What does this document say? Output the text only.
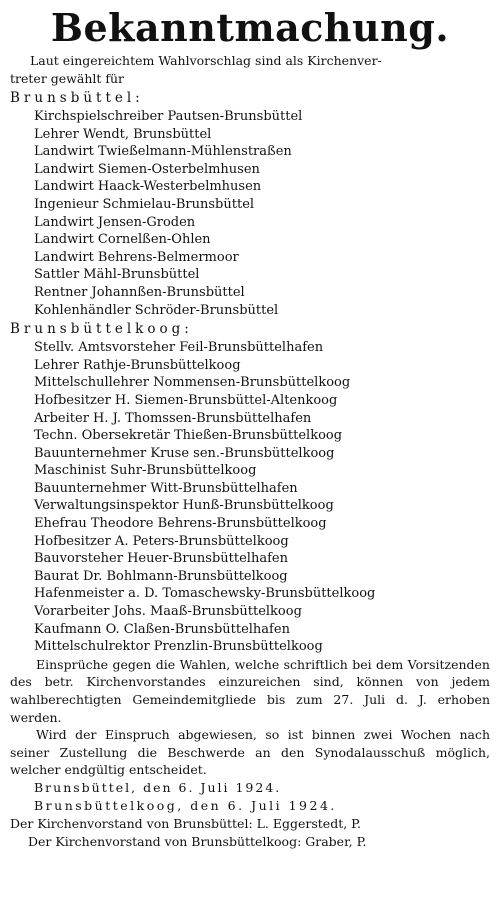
Bekanntmachung.

Laut eingereichtem Wahlvorschlag sind als Kirchenver-

treter gewählt für

Brunsbüttel:
Kirchspielschreiber Pautsen-Brunsbüttel
Lehrer Wendt, Brunsbüttel
Landwirt Twießelmann-Mühlenstraßen
Landwirt Siemen-Osterbelmhusen
Landwirt Haack-Westerbelmhusen
Ingenieur Schmielau-Brunsbüttel
Landwirt Jensen-Groden
Landwirt Cornelßen-Ohlen
Landwirt Behrens-Belmermoor
Sattler Mähl-Brunsbüttel
Rentner Johannßen-Brunsbüttel
Kohlenhändler Schröder-Brunsbüttel
Brunsbüttelkoog:
Stellv. Amtsvorsteher Feil-Brunsbüttelhafen
Lehrer Rathje-Brunsbüttelkoog
Mittelschullehrer Nommensen-Brunsbüttelkoog
Hofbesitzer H. Siemen-Brunsbüttel-Altenkoog
Arbeiter H. J. Thomssen-Brunsbüttelhafen
Techn. Obersekretär Thießen-Brunsbüttelkoog
Bauunternehmer Kruse sen.-Brunsbüttelkoog
Maschinist Suhr-Brunsbüttelkoog
Bauunternehmer Witt-Brunsbüttelhafen
Verwaltungsinspektor Hunß-Brunsbüttelkoog
Ehefrau Theodore Behrens-Brunsbüttelkoog
Hofbesitzer A. Peters-Brunsbüttelkoog
Bauvorsteher Heuer-Brunsbüttelhafen
Baurat Dr. Bohlmann-Brunsbüttelkoog
Hafenmeister a. D. Tomaschewsky-Brunsbüttelkoog
Vorarbeiter Johs. Maaß-Brunsbüttelkoog
Kaufmann O. Claßen-Brunsbüttelhafen
Mittelschulrektor Prenzlin-Brunsbüttelkoog

Einsprüche gegen die Wahlen, welche schriftlich bei dem Vorsitzenden des betr. Kirchenvorstandes einzureichen sind, können von jedem wahlberechtigten Gemeindemitgliede bis zum 27. Juli d. J. erhoben werden.

Wird der Einspruch abgewiesen, so ist binnen zwei Wochen nach seiner Zustellung die Beschwerde an den Synodalausschuß möglich, welcher endgültig entscheidet.

Brunsbüttel, den 6. Juli 1924.

Brunsbüttelkoog, den 6. Juli 1924.

Der Kirchenvorstand von Brunsbüttel: L. Eggerstedt, P.

Der Kirchenvorstand von Brunsbüttelkoog: Graber, P.
